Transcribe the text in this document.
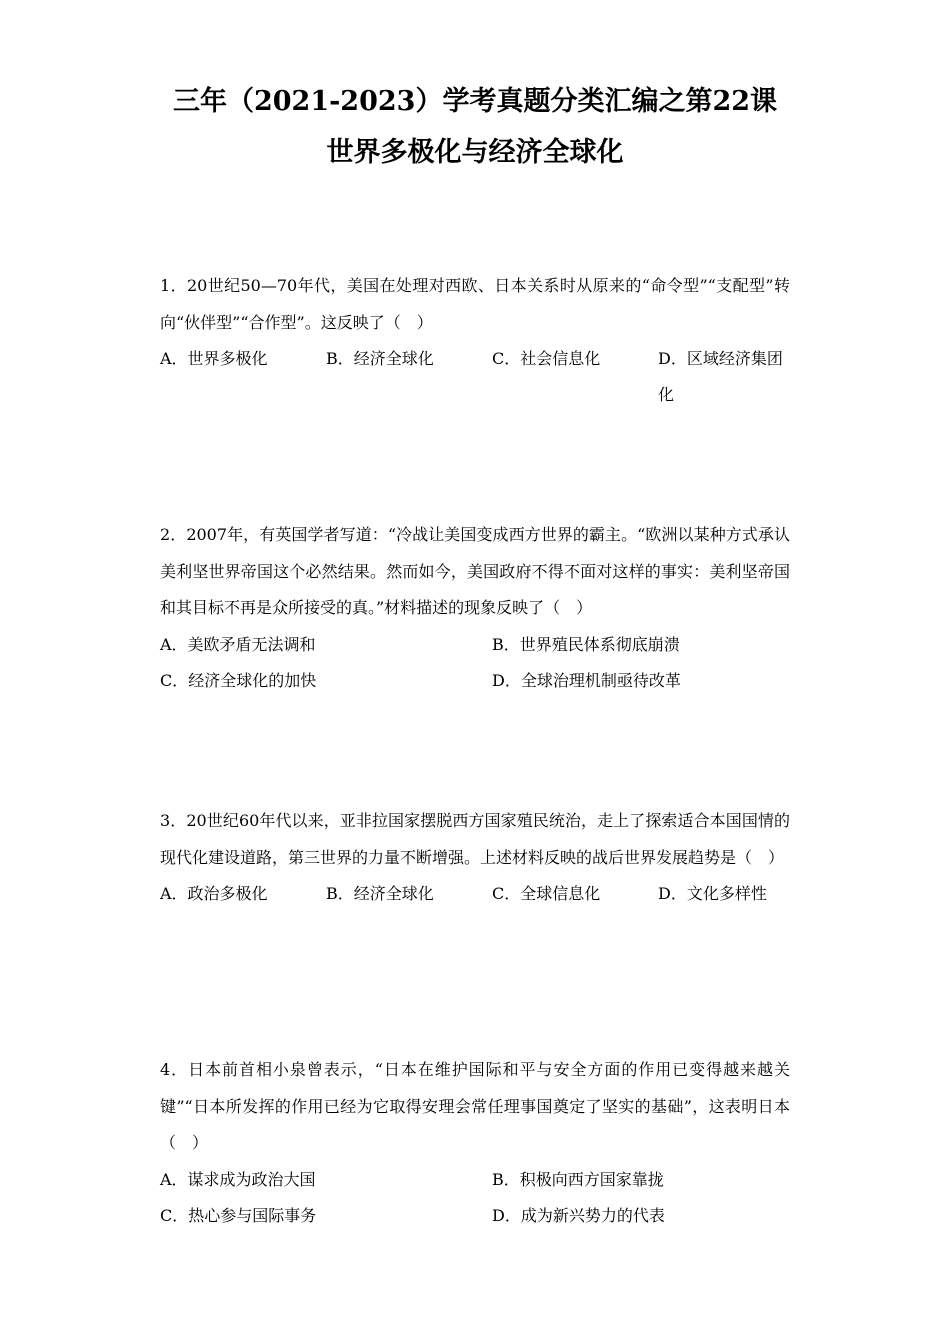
三年（2021-2023）学考真题分类汇编之第22课
世界多极化与经济全球化
1．20世纪50—70年代，美国在处理对西欧、日本关系时从原来的“命令型”“支配型”转向“伙伴型”“合作型”。这反映了（　）
A．世界多极化	B．经济全球化	C．社会信息化	D．区域经济集团化
2．2007年，有英国学者写道：“冷战让美国变成西方世界的霸主。“欧洲以某种方式承认美利坚世界帝国这个必然结果。然而如今，美国政府不得不面对这样的事实：美利坚帝国和其目标不再是众所接受的真。”材料描述的现象反映了（　）
A．美欧矛盾无法调和	B．世界殖民体系彻底崩溃
C．经济全球化的加快	D．全球治理机制亟待改革
3．20世纪60年代以来，亚非拉国家摆脱西方国家殖民统治，走上了探索适合本国国情的现代化建设道路，第三世界的力量不断增强。上述材料反映的战后世界发展趋势是（　）
A．政治多极化	B．经济全球化	C．全球信息化	D．文化多样性
4．日本前首相小泉曾表示，“日本在维护国际和平与安全方面的作用已变得越来越关键”“日本所发挥的作用已经为它取得安理会常任理事国奠定了坚实的基础”，这表明日本（　）
A．谋求成为政治大国	B．积极向西方国家靠拢
C．热心参与国际事务	D．成为新兴势力的代表
